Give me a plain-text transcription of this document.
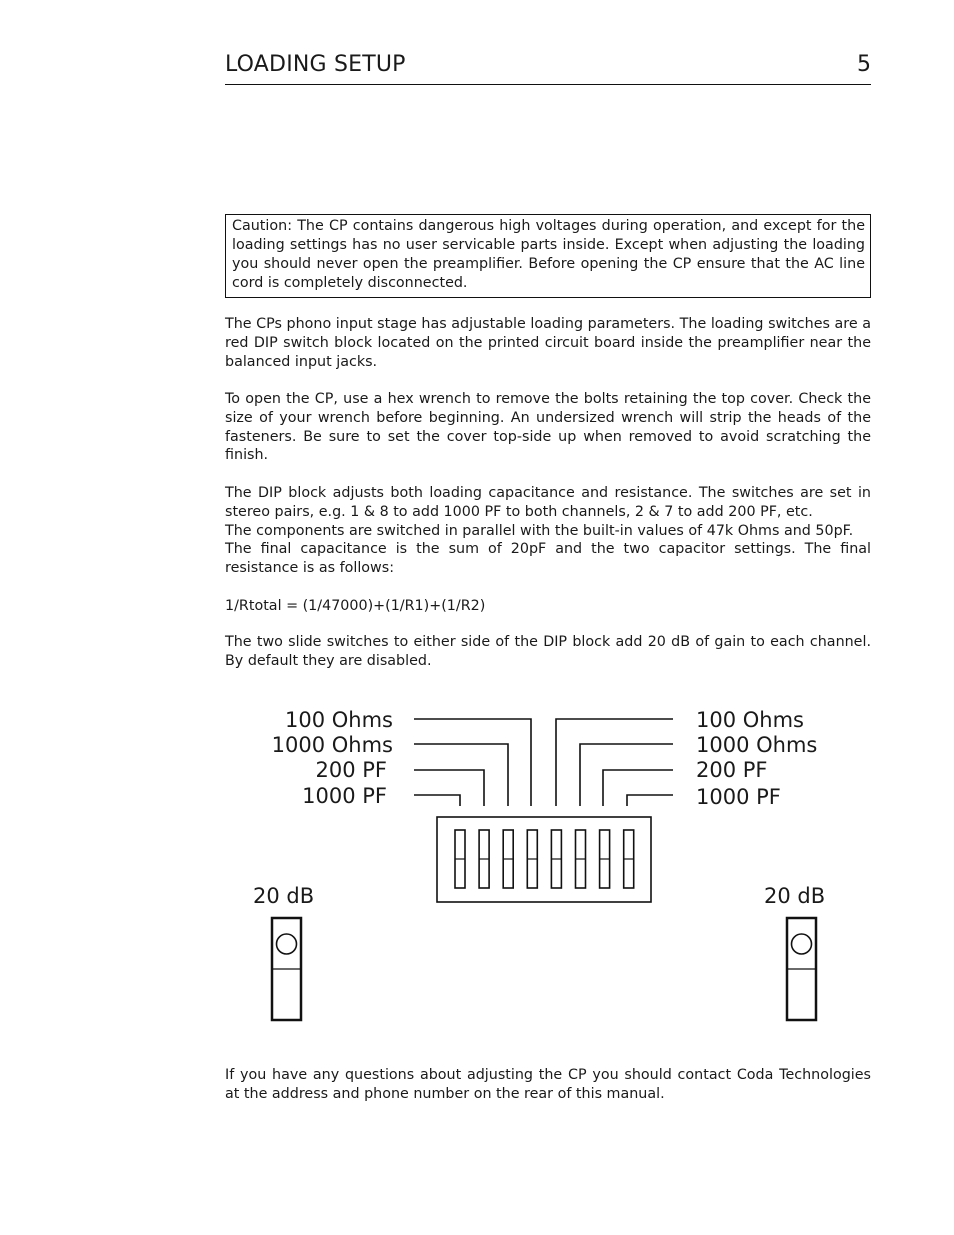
LOADING SETUP	5
Caution: The CP contains dangerous high voltages during operation, and except for the loading settings has no user servicable parts inside. Except when adjusting the loading you should never open the preamplifier. Before opening the CP ensure that the AC line cord is completely disconnected.

The CPs phono input stage has adjustable loading parameters. The loading switches are a red DIP switch block located on the printed circuit board inside the preamplifier near the balanced input jacks.

To open the CP, use a hex wrench to remove the bolts retaining the top cover. Check the size of your wrench before beginning. An undersized wrench will strip the heads of the fasteners. Be sure to set the cover top-side up when removed to avoid scratching the finish.

The DIP block adjusts both loading capacitance and resistance. The switches are set in stereo pairs, e.g. 1 & 8 to add 1000 PF to both channels, 2 & 7 to add 200 PF, etc.
The components are switched in parallel with the built-in values of 47k Ohms and 50pF.
The final capacitance is the sum of 20pF and the two capacitor settings. The final resistance is as follows:

1/Rtotal = (1/47000)+(1/R1)+(1/R2)

The two slide switches to either side of the DIP block add 20 dB of gain to each channel. By default they are disabled.

If you have any questions about adjusting the CP you should contact Coda Technologies at the address and phone number on the rear of this manual.

100 Ohms
1000 Ohms
200 PF
1000 PF
100 Ohms
1000 Ohms
200 PF
1000 PF
20 dB	20 dB
